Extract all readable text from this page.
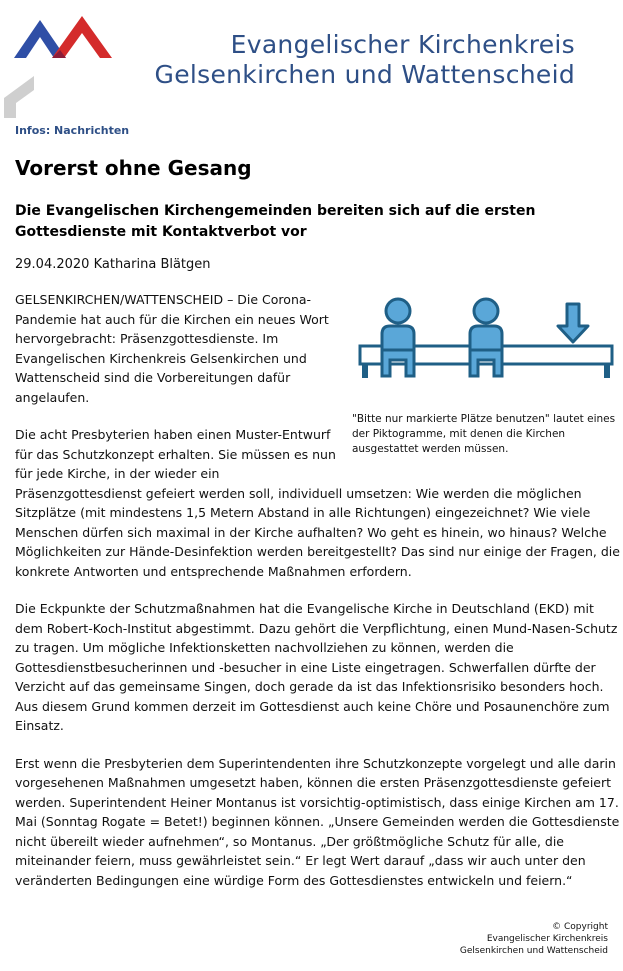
Evangelischer Kirchenkreis
Gelsenkirchen und Wattenscheid
Infos: Nachrichten
Vorerst ohne Gesang
Die Evangelischen Kirchengemeinden bereiten sich auf die ersten Gottesdienste mit Kontaktverbot vor
29.04.2020 Katharina Blätgen
"Bitte nur markierte Plätze benutzen" lautet eines der Piktogramme, mit denen die Kirchen ausgestattet werden müssen.

GELSENKIRCHEN/WATTENSCHEID – Die Corona-Pandemie hat auch für die Kirchen ein neues Wort hervorgebracht: Präsenzgottesdienste. Im Evangelischen Kirchenkreis Gelsenkirchen und Wattenscheid sind die Vorbereitungen dafür angelaufen.

Die acht Presbyterien haben einen Muster-Entwurf für das Schutzkonzept erhalten. Sie müssen es nun für jede Kirche, in der wieder ein Präsenzgottesdienst gefeiert werden soll, individuell umsetzen: Wie werden die möglichen Sitzplätze (mit mindestens 1,5 Metern Abstand in alle Richtungen) eingezeichnet? Wie viele Menschen dürfen sich maximal in der Kirche aufhalten? Wo geht es hinein, wo hinaus? Welche Möglichkeiten zur Hände-Desinfektion werden bereitgestellt? Das sind nur einige der Fragen, die konkrete Antworten und entsprechende Maßnahmen erfordern.

Die Eckpunkte der Schutzmaßnahmen hat die Evangelische Kirche in Deutschland (EKD) mit dem Robert-Koch-Institut abgestimmt. Dazu gehört die Verpflichtung, einen Mund-Nasen-Schutz zu tragen. Um mögliche Infektionsketten nachvollziehen zu können, werden die Gottesdienstbesucherinnen und -besucher in eine Liste eingetragen. Schwerfallen dürfte der Verzicht auf das gemeinsame Singen, doch gerade da ist das Infektionsrisiko besonders hoch. Aus diesem Grund kommen derzeit im Gottesdienst auch keine Chöre und Posaunenchöre zum Einsatz.

Erst wenn die Presbyterien dem Superintendenten ihre Schutzkonzepte vorgelegt und alle darin vorgesehenen Maßnahmen umgesetzt haben, können die ersten Präsenzgottesdienste gefeiert werden. Superintendent Heiner Montanus ist vorsichtig-optimistisch, dass einige Kirchen am 17. Mai (Sonntag Rogate = Betet!) beginnen können. „Unsere Gemeinden werden die Gottesdienste nicht übereilt wieder aufnehmen“, so Montanus. „Der größtmögliche Schutz für alle, die miteinander feiern, muss gewährleistet sein.“ Er legt Wert darauf „dass wir auch unter den veränderten Bedingungen eine würdige Form des Gottesdienstes entwickeln und feiern.“

© Copyright
Evangelischer Kirchenkreis
Gelsenkirchen und Wattenscheid
